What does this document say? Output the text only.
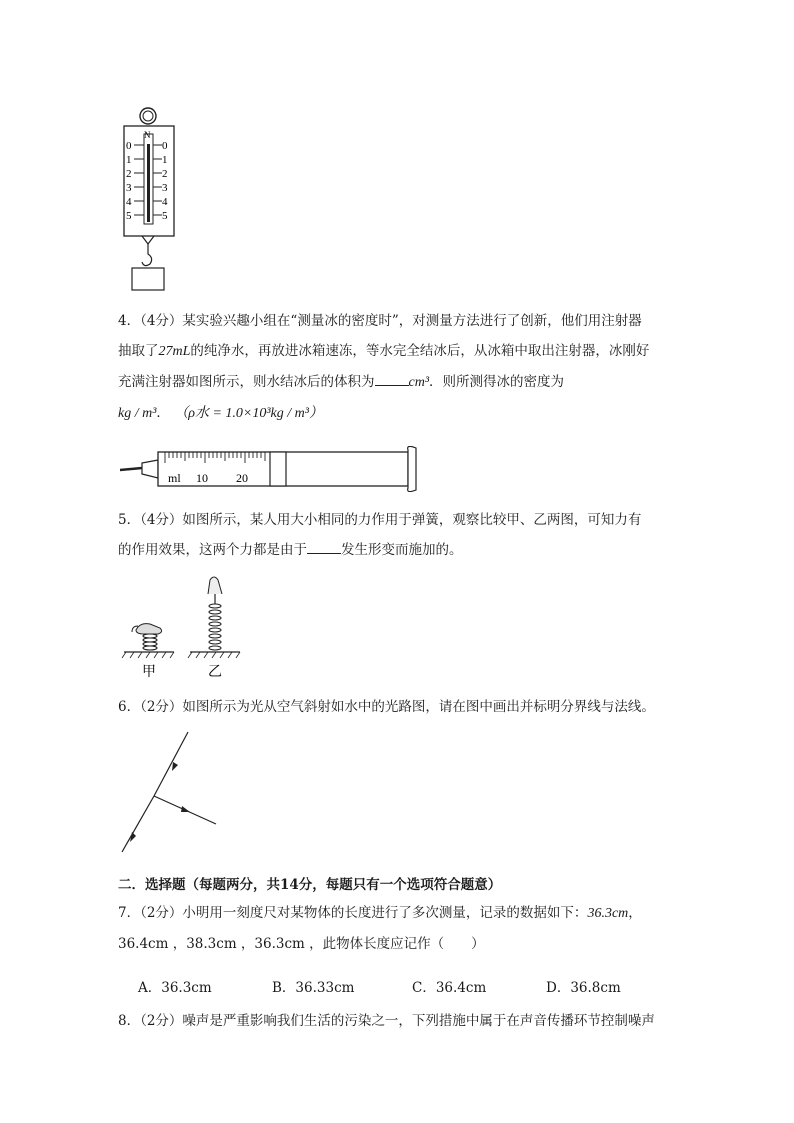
N
0
1
2
3
4
5
0
1
2
3
4
5
4．（4分）某实验兴趣小组在“测量冰的密度时”，对测量方法进行了创新，他们用注射器
抽取了27mL的纯净水，再放进冰箱速冻，等水完全结冰后，从冰箱中取出注射器，冰刚好
充满注射器如图所示，则水结冰后的体积为 cm³．则所测得冰的密度为
kg / m³． （ρ水 = 1.0×10³kg / m³）
ml 10 20
5．（4分）如图所示，某人用大小相同的力作用于弹簧，观察比较甲、乙两图，可知力有
的作用效果，这两个力都是由于	发生形变而施加的。
甲	乙
6．（2分）如图所示为光从空气斜射如水中的光路图，请在图中画出并标明分界线与法线。
二．选择题（每题两分，共14分，每题只有一个选项符合题意）
7．（2分）小明用一刻度尺对某物体的长度进行了多次测量，记录的数据如下：36.3cm，
36.4cm ，38.3cm ，36.3cm ，此物体长度应记作（　　）
A．36.3cm	B．36.33cm	C．36.4cm	D．36.8cm
8．（2分）噪声是严重影响我们生活的污染之一，下列措施中属于在声音传播环节控制噪声
